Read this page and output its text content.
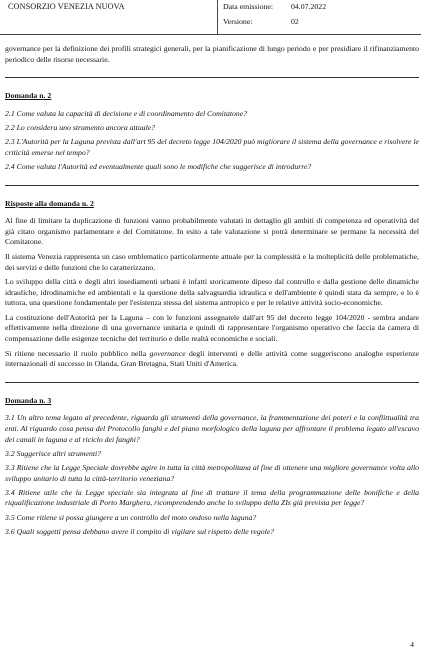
CONSORZIO VENEZIA NUOVA	Data emissione: 04.07.2022
Versione:	02

governance per la definizione dei profili strategici generali, per la pianificazione di lungo periodo e per presidiare il rifinanziamento periodico delle risorse necessarie.

Domanda n. 2

2.1 Come valuta la capacità di decisione e di coordinamento del Comitatone?

2.2 Lo considera uno strumento ancora attuale?

2.3 L'Autorità per la Laguna prevista dall'art 95 del decreto legge 104/2020 può migliorare il sistema della governance e risolvere le criticità emerse nel tempo?

2.4 Come valuta l'Autorità ed eventualmente quali sono le modifiche che suggerisce di introdurre?

Risposte alla domanda n. 2

Al fine di limitare la duplicazione di funzioni vanno probabilmente valutati in dettaglio gli ambiti di competenza ed operatività del già citato organismo parlamentare e del Comitatone. In esito a tale valutazione si potrà determinare se permane la necessità del Comitatone.

Il sistema Venezia rappresenta un caso emblematico particolarmente attuale per la complessità e la molteplicità delle problematiche, dei servizi e delle funzioni che lo caratterizzano.

Lo sviluppo della città e degli altri insediamenti urbani è infatti storicamente dipeso dal controllo e dalla gestione delle dinamiche idrauliche, idrodinamiche ed ambientali e la questione della salvaguardia idraulica e dell'ambiente è quindi stata da sempre, e lo è tuttora, una questione fondamentale per l'esistenza stessa del sistema antropico e per le relative attività socio-economiche.

La costituzione dell'Autorità per la Laguna – con le funzioni assegnatele dall'art 95 del decreto legge 104/2020 - sembra andare effettivamente nella direzione di una governance unitaria e quindi di rappresentare l'organismo operativo che faccia da camera di compensazione delle esigenze tecniche del territorio e delle realtà economiche e sociali.

Si ritiene necessario il ruolo pubblico nella governance degli interventi e delle attività come suggeriscono analoghe esperienze internazionali di successo in Olanda, Gran Bretagna, Stati Uniti d'America.

Domanda n. 3

3.1 Un altro tema legato al precedente, riguarda gli strumenti della governance, la frammentazione dei poteri e la conflittualità tra enti. Al riguardo cosa pensa del Protocollo fanghi e del piano morfologico della laguna per affrontare il problema legato all'escavo dei canali in laguna e al riciclo dei fanghi?

3.2 Suggerisce altri strumenti?

3.3 Ritiene che la Legge Speciale dovrebbe agire in tutta la città metropolitana al fine di ottenere una migliore governance volta allo sviluppo unitario di tutta la città-territorio veneziana?

3.4 Ritiene utile che la Legge speciale sia integrata al fine di trattare il tema della programmazione delle bonifiche e della riqualificazione industriale di Porto Marghera, ricomprendendo anche lo sviluppo della ZIs già prevista per legge?

3.5 Come ritiene si possa giungere a un controllo del moto ondoso nella laguna?

3.6 Quali soggetti pensa debbano avere il compito di vigilare sul rispetto delle regole?

4
